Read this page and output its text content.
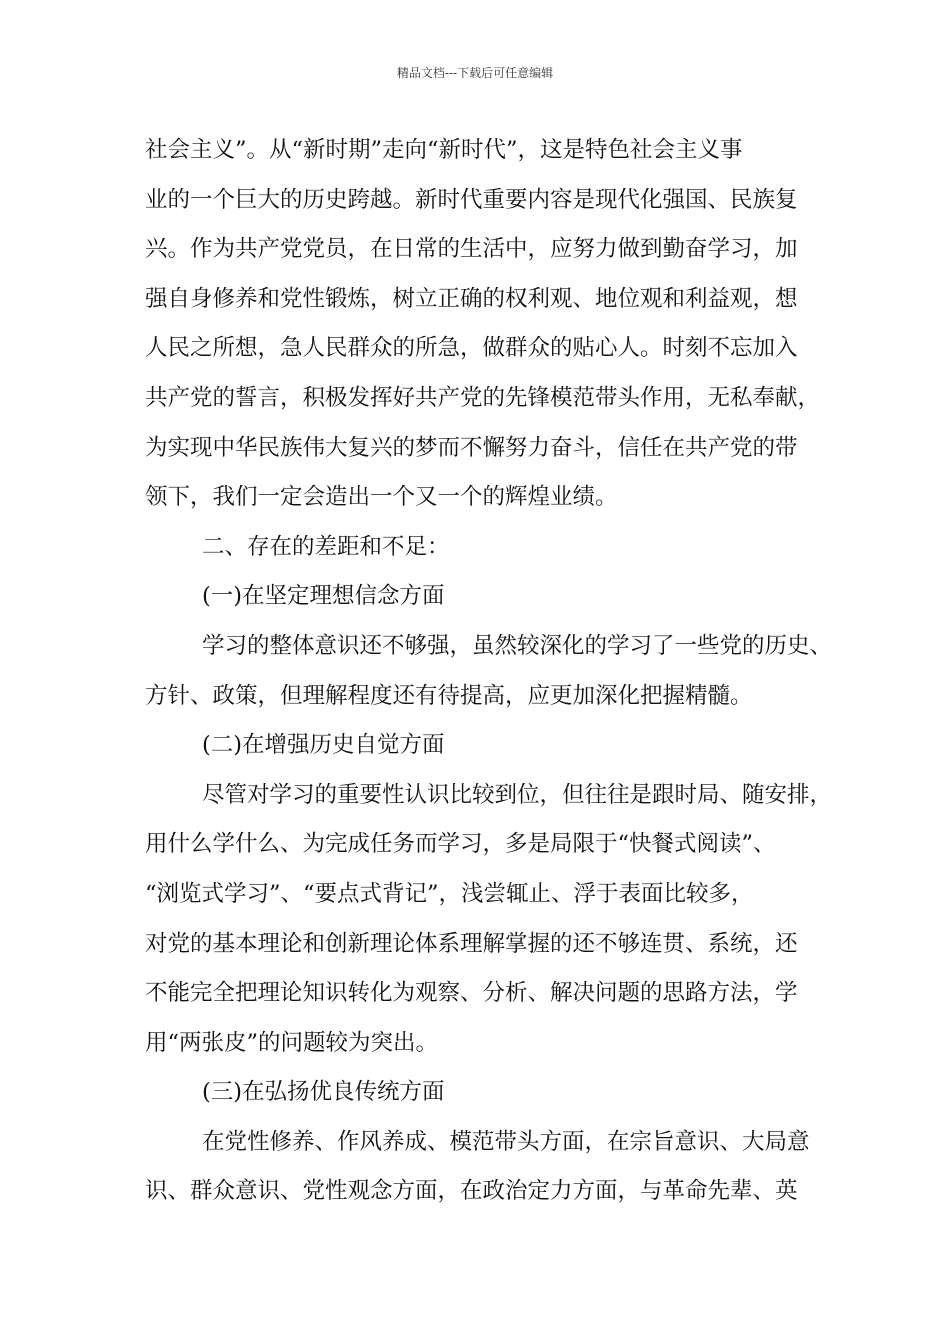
精品文档---下载后可任意编辑
社会主义”。从“新时期”走向“新时代”，这是特色社会主义事
业的一个巨大的历史跨越。新时代重要内容是现代化强国、民族复
兴。作为共产党党员，在日常的生活中，应努力做到勤奋学习，加
强自身修养和党性锻炼，树立正确的权利观、地位观和利益观，想
人民之所想，急人民群众的所急，做群众的贴心人。时刻不忘加入
共产党的誓言，积极发挥好共产党的先锋模范带头作用，无私奉献，
为实现中华民族伟大复兴的梦而不懈努力奋斗，信任在共产党的带
领下，我们一定会造出一个又一个的辉煌业绩。
二、存在的差距和不足：
(一)在坚定理想信念方面
学习的整体意识还不够强，虽然较深化的学习了一些党的历史、
方针、政策，但理解程度还有待提高，应更加深化把握精髓。
(二)在增强历史自觉方面
尽管对学习的重要性认识比较到位，但往往是跟时局、随安排，
用什么学什么、为完成任务而学习，多是局限于“快餐式阅读”、
“浏览式学习”、“要点式背记”，浅尝辄止、浮于表面比较多，
对党的基本理论和创新理论体系理解掌握的还不够连贯、系统，还
不能完全把理论知识转化为观察、分析、解决问题的思路方法，学
用“两张皮”的问题较为突出。
(三)在弘扬优良传统方面
在党性修养、作风养成、模范带头方面，在宗旨意识、大局意
识、群众意识、党性观念方面，在政治定力方面，与革命先辈、英
